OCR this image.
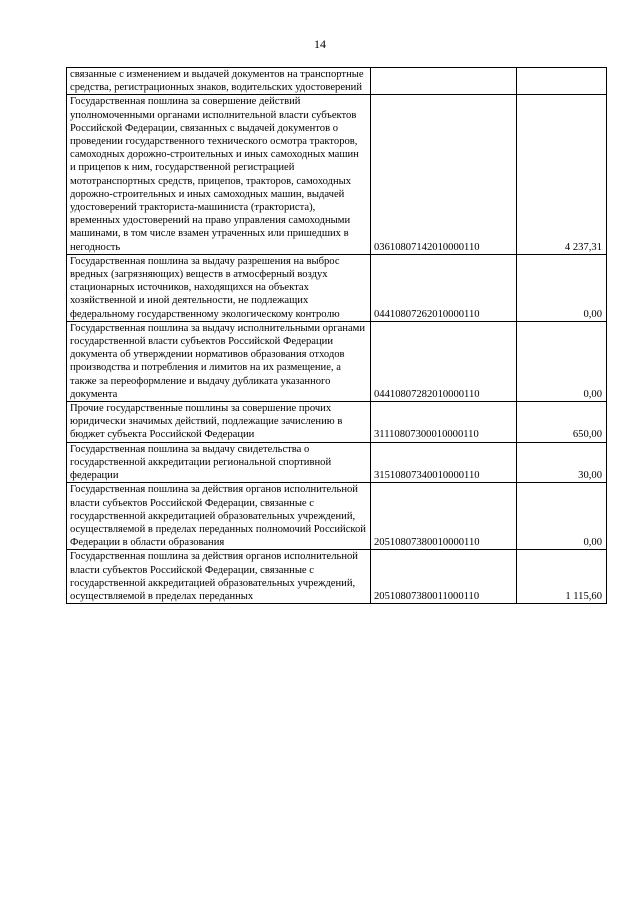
14
связанные с изменением и выдачей документов на транспортные средства, регистрационных знаков, водительских удостоверений		
Государственная пошлина за совершение действий уполномоченными органами исполнительной власти субъектов Российской Федерации, связанных с выдачей документов о проведении государственного технического осмотра тракторов, самоходных дорожно-строительных и иных самоходных машин и прицепов к ним, государственной регистрацией мототранспортных средств, прицепов, тракторов, самоходных дорожно-строительных и иных самоходных машин, выдачей удостоверений тракториста-машиниста (тракториста), временных удостоверений на право управления самоходными машинами, в том числе взамен утраченных или пришедших в негодность	03610807142010000110	4 237,31
Государственная пошлина за выдачу разрешения на выброс вредных (загрязняющих) веществ в атмосферный воздух стационарных источников, находящихся на объектах хозяйственной и иной деятельности, не подлежащих федеральному государственному экологическому контролю	04410807262010000110	0,00
Государственная пошлина за выдачу исполнительными органами государственной власти субъектов Российской Федерации документа об утверждении нормативов образования отходов производства и потребления и лимитов на их размещение, а также за переоформление и выдачу дубликата указанного документа	04410807282010000110	0,00
Прочие государственные пошлины за совершение прочих юридически значимых действий, подлежащие зачислению в бюджет субъекта Российской Федерации	31110807300010000110	650,00
Государственная пошлина за выдачу свидетельства о государственной аккредитации региональной спортивной федерации	31510807340010000110	30,00
Государственная пошлина за действия органов исполнительной власти субъектов Российской Федерации, связанные с государственной аккредитацией образовательных учреждений, осуществляемой в пределах переданных полномочий Российской Федерации в области образования	20510807380010000110	0,00
Государственная пошлина за действия органов исполнительной власти субъектов Российской Федерации, связанные с государственной аккредитацией образовательных учреждений, осуществляемой в пределах переданных	20510807380011000110	1 115,60
